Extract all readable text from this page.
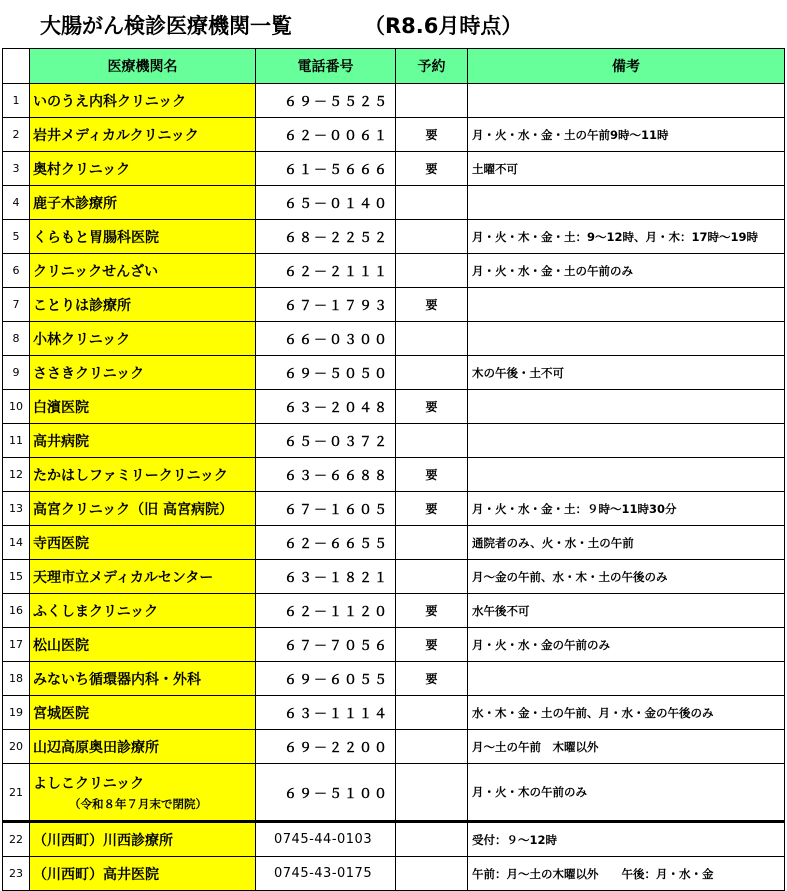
大腸がん検診医療機関一覧	（R8.6月時点）
	医療機関名	電話番号	予約	備考
1	いのうえ内科クリニック	６９－５５２５		
2	岩井メディカルクリニック	６２－００６１	要	月・火・水・金・土の午前9時～11時
3	奥村クリニック	６１－５６６６	要	土曜不可
4	鹿子木診療所	６５－０１４０		
5	くらもと胃腸科医院	６８－２２５２		月・火・木・金・土：9～12時、月・木：17時～19時
6	クリニックせんざい	６２－２１１１		月・火・水・金・土の午前のみ
7	ことりは診療所	６７－１７９３	要	
8	小林クリニック	６６－０３００		
9	ささきクリニック	６９－５０５０		木の午後・土不可
10	白濱医院	６３－２０４８	要	
11	高井病院	６５－０３７２		
12	たかはしファミリークリニック	６３－６６８８	要	
13	高宮クリニック（旧 高宮病院）	６７－１６０５	要	月・火・水・金・土：９時～11時30分
14	寺西医院	６２－６６５５		通院者のみ、火・水・土の午前
15	天理市立メディカルセンター	６３－１８２１		月～金の午前、水・木・土の午後のみ
16	ふくしまクリニック	６２－１１２０	要	水午後不可
17	松山医院	６７－７０５６	要	月・火・水・金の午前のみ
18	みないち循環器内科・外科	６９－６０５５	要	
19	宮城医院	６３－１１１４		水・木・金・土の午前、月・水・金の午後のみ
20	山辺高原奥田診療所	６９－２２００		月～土の午前　木曜以外
21	よしこクリニック
（令和８年７月末で閉院）	６９－５１００		月・火・木の午前のみ
22	（川西町）川西診療所	0745-44-0103		受付：９～12時
23	（川西町）高井医院	0745-43-0175		午前：月～土の木曜以外　　午後：月・水・金
